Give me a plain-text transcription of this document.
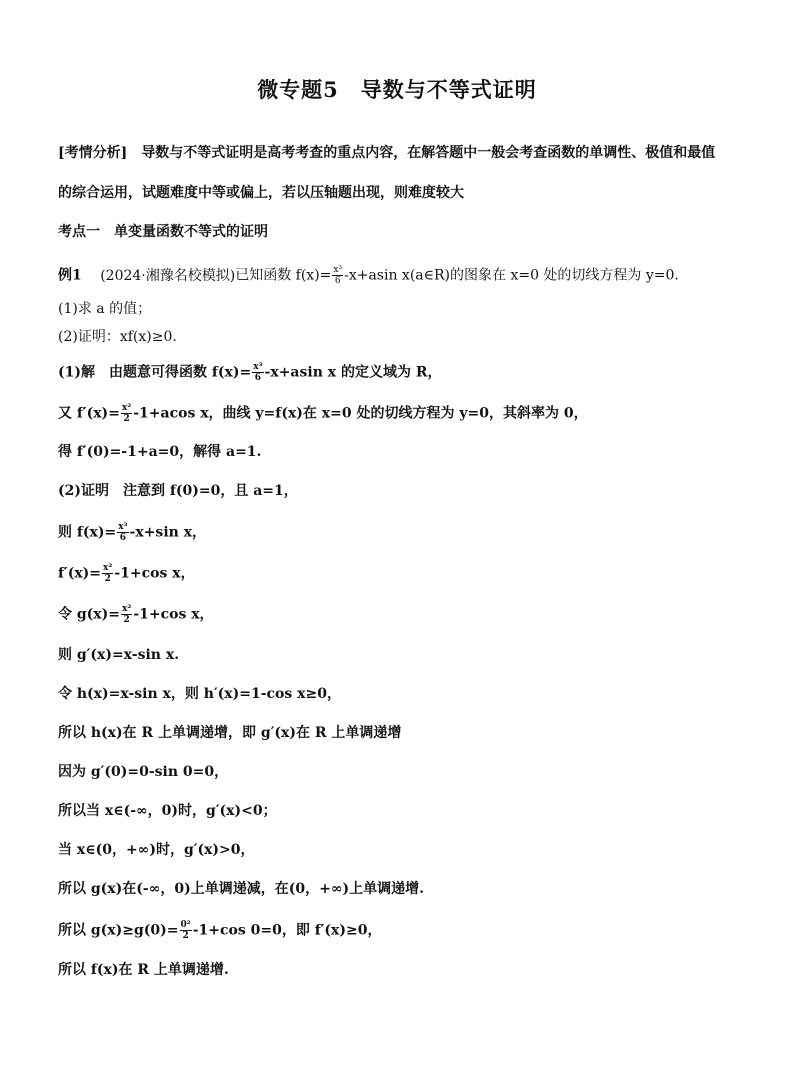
微专题5　导数与不等式证明
[考情分析]　导数与不等式证明是高考考查的重点内容，在解答题中一般会考查函数的单调性、极值和最值
的综合运用，试题难度中等或偏上，若以压轴题出现，则难度较大
考点一　单变量函数不等式的证明
例1 (2024·湘豫名校模拟)已知函数 $f(x)= \frac{\text{x³}}{6} -x+asin$ x(a∈R)的图象在 x=0 处的切线方程为 y=0.
(1)求 a 的值；
(2)证明：xf(x)≥0.
(1)解　由题意可得函数 $f(x)= \frac{\text{x³}}{6} -x+asin$ x 的定义域为 R，
又 $f'(x)= \frac{\text{x²}}{2} -1+acos$ x，曲线 y=f(x)在 x=0 处的切线方程为 y=0，其斜率为 0，
得 f′(0)=-1+a=0，解得 a=1.
(2)证明　注意到 f(0)=0，且 a=1，
则 $f(x)= \frac{\text{x³}}{6} -x+\sin$ x，
$f'(x)= \frac{\text{x²}}{2} -1+\cos$ x，
令 $g(x)= \frac{\text{x²}}{2} -1+\cos$ x，
则 g′(x)=x-sin x.
令 h(x)=x-sin x，则 h′(x)=1-cos x≥0，
所以 h(x)在 R 上单调递增，即 g′(x)在 R 上单调递增
因为 g′(0)=0-sin 0=0，
所以当 x∈(-∞，0)时，g′(x)<0；
当 x∈(0，+∞)时，g′(x)>0，
所以 g(x)在(-∞，0)上单调递减，在(0，+∞)上单调递增.
所以 $g(x)\ge g(0)= \frac{\text{0²}}{2} -1+\cos$ 0=0，即 f′(x)≥0，
所以 f(x)在 R 上单调递增.
